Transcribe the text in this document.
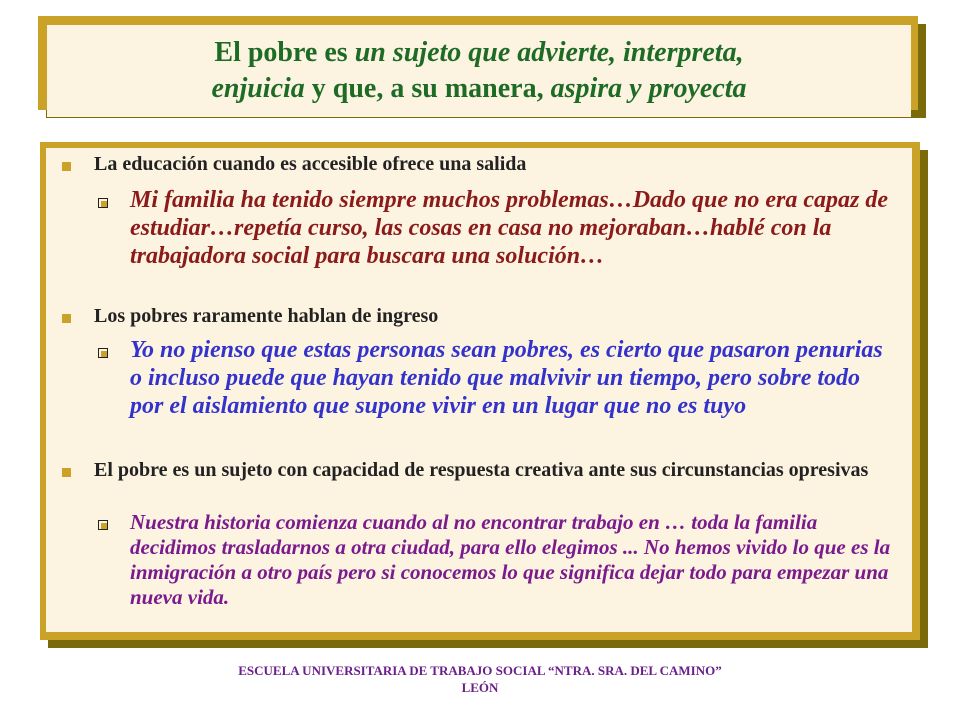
El pobre es un sujeto que advierte, interpreta,
enjuicia y que, a su manera, aspira y proyecta
La educación cuando es accesible ofrece una salida
Mi familia ha tenido siempre muchos problemas…Dado que no era capaz de estudiar…repetía curso, las cosas en casa no mejoraban…hablé con la trabajadora social para buscara una solución…
Los pobres raramente hablan de ingreso
Yo no pienso que estas personas sean pobres, es cierto que pasaron penurias o incluso puede que hayan tenido que malvivir un tiempo, pero sobre todo por el aislamiento que supone vivir en un lugar que no es tuyo
El pobre es un sujeto con capacidad de respuesta creativa ante sus circunstancias opresivas
Nuestra historia comienza cuando al no encontrar trabajo en … toda la familia decidimos trasladarnos a otra ciudad, para ello elegimos ... No hemos vivido lo que es la inmigración a otro país pero si conocemos lo que significa dejar todo para empezar una nueva vida.
ESCUELA UNIVERSITARIA DE TRABAJO SOCIAL “NTRA. SRA. DEL CAMINO”
LEÓN
